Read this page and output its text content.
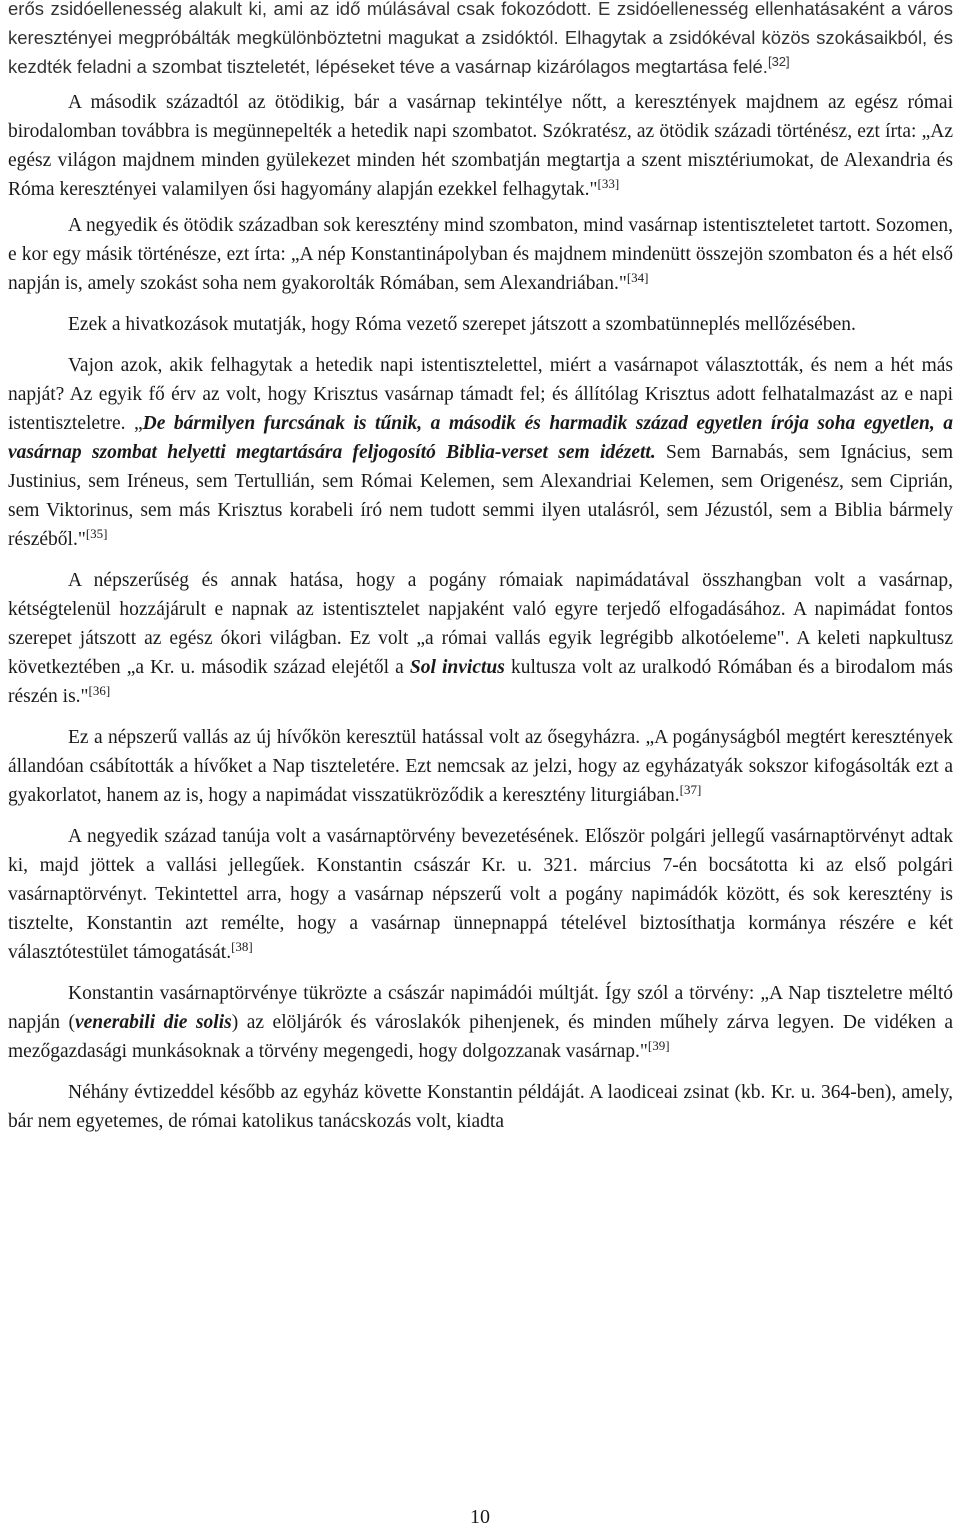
erős zsidóellenesség alakult ki, ami az idő múlásával csak fokozódott. E zsidóellenesség ellenhatásaként a város keresztényei megpróbálták megkülönböztetni magukat a zsidóktól. Elhagytak a zsidókéval közös szokásaikból, és kezdték feladni a szombat tiszteletét, lépéseket téve a vasárnap kizárólagos megtartása felé.[32]

A második századtól az ötödikig, bár a vasárnap tekintélye nőtt, a keresztények majdnem az egész római birodalomban továbbra is megünnepelték a hetedik napi szombatot. Szókratész, az ötödik századi történész, ezt írta: „Az egész világon majdnem minden gyülekezet minden hét szombatján megtartja a szent misztériumokat, de Alexandria és Róma keresztényei valamilyen ősi hagyomány alapján ezekkel felhagytak."[33]

A negyedik és ötödik században sok keresztény mind szombaton, mind vasárnap istentiszteletet tartott. Sozomen, e kor egy másik történésze, ezt írta: „A nép Konstantinápolyban és majdnem mindenütt összejön szombaton és a hét első napján is, amely szokást soha nem gyakorolták Rómában, sem Alexandriában."[34]

Ezek a hivatkozások mutatják, hogy Róma vezető szerepet játszott a szombatünneplés mellőzésében.

Vajon azok, akik felhagytak a hetedik napi istentisztelettel, miért a vasárnapot választották, és nem a hét más napját? Az egyik fő érv az volt, hogy Krisztus vasárnap támadt fel; és állítólag Krisztus adott felhatalmazást az e napi istentiszteletre. „De bármilyen furcsának is tűnik, a második és harmadik század egyetlen írója soha egyetlen, a vasárnap szombat helyetti megtartására feljogosító Biblia-verset sem idézett. Sem Barnabás, sem Ignácius, sem Justinius, sem Iréneus, sem Tertullián, sem Római Kelemen, sem Alexandriai Kelemen, sem Origenész, sem Ciprián, sem Viktorinus, sem más Krisztus korabeli író nem tudott semmi ilyen utalásról, sem Jézustól, sem a Biblia bármely részéből."[35]

A népszerűség és annak hatása, hogy a pogány rómaiak napimádatával összhangban volt a vasárnap, kétségtelenül hozzájárult e napnak az istentisztelet napjaként való egyre terjedő elfogadásához. A napimádat fontos szerepet játszott az egész ókori világban. Ez volt „a római vallás egyik legrégibb alkotóeleme". A keleti napkultusz következtében „a Kr. u. második század elejétől a Sol invictus kultusza volt az uralkodó Rómában és a birodalom más részén is."[36]

Ez a népszerű vallás az új hívőkön keresztül hatással volt az ősegyházra. „A pogányságból megtért keresztények állandóan csábították a hívőket a Nap tiszteletére. Ezt nemcsak az jelzi, hogy az egyházatyák sokszor kifogásolták ezt a gyakorlatot, hanem az is, hogy a napimádat visszatükröződik a keresztény liturgiában.[37]

A negyedik század tanúja volt a vasárnaptörvény bevezetésének. Először polgári jellegű vasárnaptörvényt adtak ki, majd jöttek a vallási jellegűek. Konstantin császár Kr. u. 321. március 7-én bocsátotta ki az első polgári vasárnaptörvényt. Tekintettel arra, hogy a vasárnap népszerű volt a pogány napimádók között, és sok keresztény is tisztelte, Konstantin azt remélte, hogy a vasárnap ünnepnappá tételével biztosíthatja kormánya részére e két választótestület támogatását.[38]

Konstantin vasárnaptörvénye tükrözte a császár napimádói múltját. Így szól a törvény: „A Nap tiszteletre méltó napján (venerabili die solis) az elöljárók és városlakók pihenjenek, és minden műhely zárva legyen. De vidéken a mezőgazdasági munkásoknak a törvény megengedi, hogy dolgozzanak vasárnap."[39]

Néhány évtizeddel később az egyház követte Konstantin példáját. A laodiceai zsinat (kb. Kr. u. 364-ben), amely, bár nem egyetemes, de római katolikus tanácskozás volt, kiadta

10
